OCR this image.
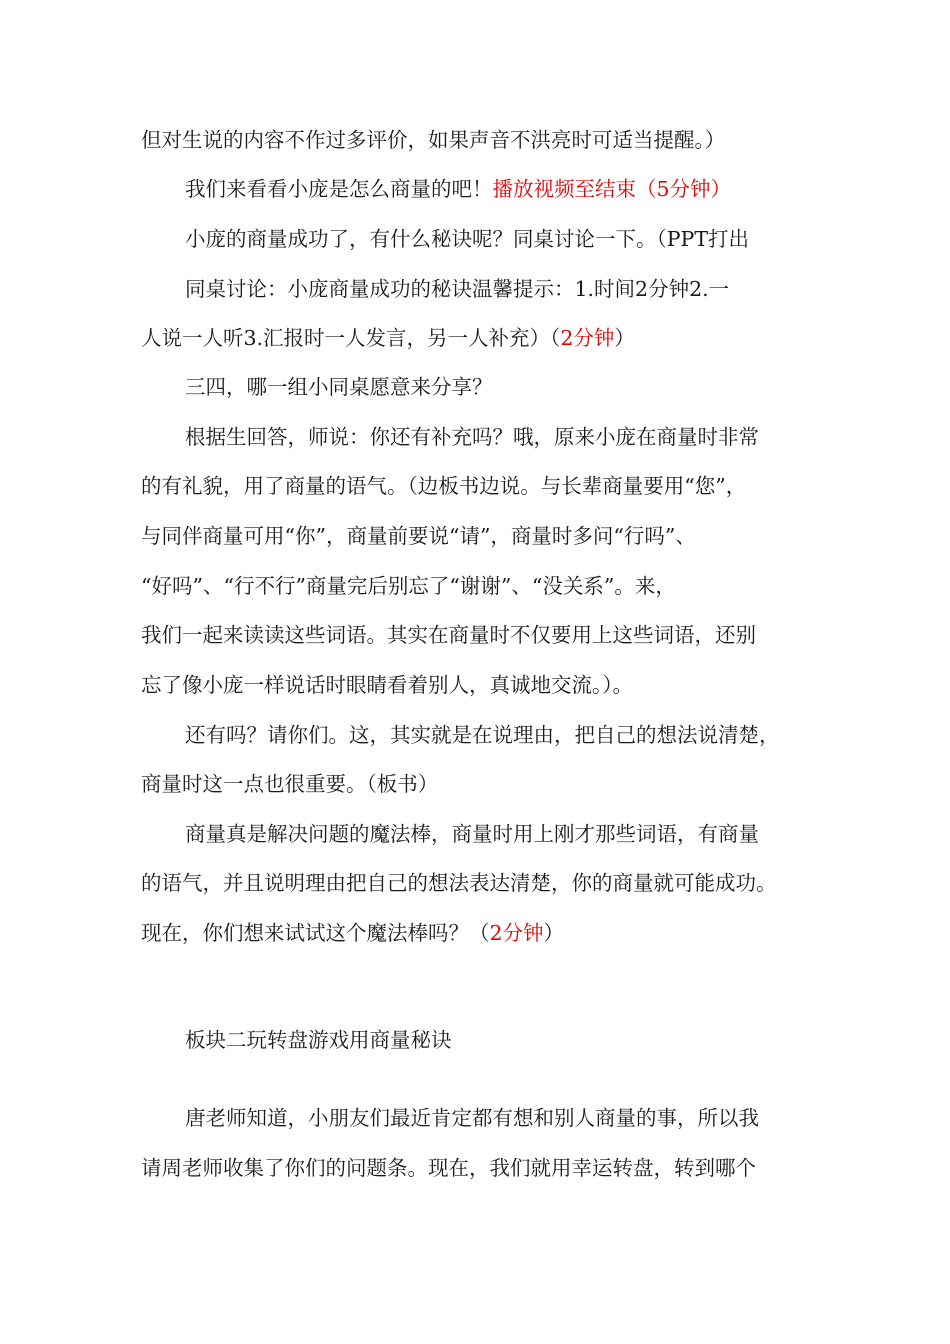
但对生说的内容不作过多评价，如果声音不洪亮时可适当提醒。）
我们来看看小庞是怎么商量的吧！播放视频至结束（5分钟）
小庞的商量成功了，有什么秘诀呢？同桌讨论一下。（PPT打出
同桌讨论：小庞商量成功的秘诀温馨提示：1.时间2分钟2.一
人说一人听3.汇报时一人发言，另一人补充）（2分钟）
三四，哪一组小同桌愿意来分享？
根据生回答，师说：你还有补充吗？哦，原来小庞在商量时非常
的有礼貌，用了商量的语气。（边板书边说。与长辈商量要用“您”，
与同伴商量可用“你”，商量前要说“请”，商量时多问“行吗”、
“好吗”、“行不行”商量完后别忘了“谢谢”、“没关系”。来，
我们一起来读读这些词语。其实在商量时不仅要用上这些词语，还别
忘了像小庞一样说话时眼睛看着别人，真诚地交流。）。
还有吗？请你们。这，其实就是在说理由，把自己的想法说清楚，
商量时这一点也很重要。（板书）
商量真是解决问题的魔法棒，商量时用上刚才那些词语，有商量
的语气，并且说明理由把自己的想法表达清楚，你的商量就可能成功。
现在，你们想来试试这个魔法棒吗？（2分钟）
板块二玩转盘游戏用商量秘诀
唐老师知道，小朋友们最近肯定都有想和别人商量的事，所以我
请周老师收集了你们的问题条。现在，我们就用幸运转盘，转到哪个
